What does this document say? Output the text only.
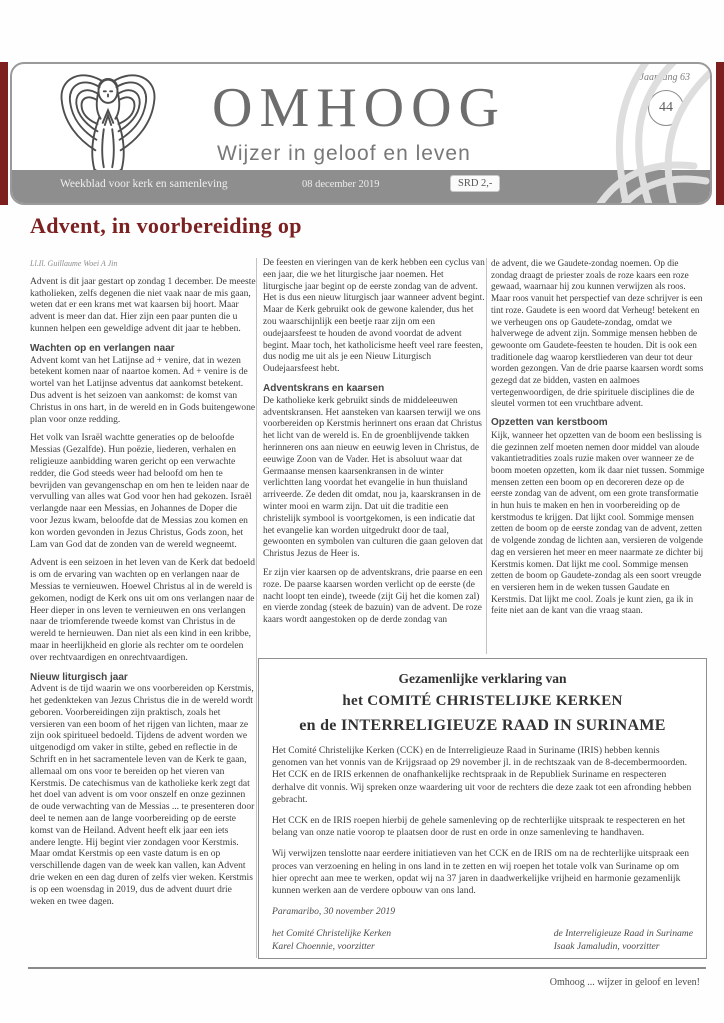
OMHOOG
Wijzer in geloof en leven
Jaargang 63
44
Weekblad voor kerk en samenleving	08 december 2019	SRD 2,-
Advent, in voorbereiding op

Ll.Il. Guillaume Woei A Jin

Advent is dit jaar gestart op zondag 1 december. De meeste katholieken, zelfs degenen die niet vaak naar de mis gaan, weten dat er een krans met wat kaarsen bij hoort. Maar advent is meer dan dat. Hier zijn een paar punten die u kunnen helpen een geweldige advent dit jaar te hebben.

Wachten op en verlangen naar

Advent komt van het Latijnse ad + venire, dat in wezen betekent komen naar of naartoe komen. Ad + venire is de wortel van het Latijnse adventus dat aankomst betekent. Dus advent is het seizoen van aankomst: de komst van Christus in ons hart, in de wereld en in Gods buitengewone plan voor onze redding.

Het volk van Israël wachtte generaties op de beloofde Messias (Gezalfde). Hun poëzie, liederen, verhalen en religieuze aanbidding waren gericht op een verwachte redder, die God steeds weer had beloofd om hen te bevrijden van gevangenschap en om hen te leiden naar de vervulling van alles wat God voor hen had gekozen. Israël verlangde naar een Messias, en Johannes de Doper die voor Jezus kwam, beloofde dat de Messias zou komen en kon worden gevonden in Jezus Christus, Gods zoon, het Lam van God dat de zonden van de wereld wegneemt.

Advent is een seizoen in het leven van de Kerk dat bedoeld is om de ervaring van wachten op en verlangen naar de Messias te vernieuwen. Hoewel Christus al in de wereld is gekomen, nodigt de Kerk ons uit om ons verlangen naar de Heer dieper in ons leven te vernieuwen en ons verlangen naar de triomferende tweede komst van Christus in de wereld te hernieuwen. Dan niet als een kind in een kribbe, maar in heerlijkheid en glorie als rechter om te oordelen over rechtvaardigen en onrechtvaardigen.

Nieuw liturgisch jaar

Advent is de tijd waarin we ons voorbereiden op Kerstmis, het gedenkteken van Jezus Christus die in de wereld wordt geboren. Voorbereidingen zijn praktisch, zoals het versieren van een boom of het rijgen van lichten, maar ze zijn ook spiritueel bedoeld. Tijdens de advent worden we uitgenodigd om vaker in stilte, gebed en reflectie in de Schrift en in het sacramentele leven van de Kerk te gaan, allemaal om ons voor te bereiden op het vieren van Kerstmis. De catechismus van de katholieke kerk zegt dat het doel van advent is om voor onszelf en onze gezinnen de oude verwachting van de Messias ... te presenteren door deel te nemen aan de lange voorbereiding op de eerste komst van de Heiland. Advent heeft elk jaar een iets andere lengte. Hij begint vier zondagen voor Kerstmis. Maar omdat Kerstmis op een vaste datum is en op verschillende dagen van de week kan vallen, kan Advent drie weken en een dag duren of zelfs vier weken. Kerstmis is op een woensdag in 2019, dus de advent duurt drie weken en twee dagen.

De feesten en vieringen van de kerk hebben een cyclus van een jaar, die we het liturgische jaar noemen. Het liturgische jaar begint op de eerste zondag van de advent. Het is dus een nieuw liturgisch jaar wanneer advent begint. Maar de Kerk gebruikt ook de gewone kalender, dus het zou waarschijnlijk een beetje raar zijn om een oudejaarsfeest te houden de avond voordat de advent begint. Maar toch, het katholicisme heeft veel rare feesten, dus nodig me uit als je een Nieuw Liturgisch Oudejaarsfeest hebt.

Adventskrans en kaarsen

De katholieke kerk gebruikt sinds de middeleeuwen adventskransen. Het aansteken van kaarsen terwijl we ons voorbereiden op Kerstmis herinnert ons eraan dat Christus het licht van de wereld is. En de groenblijvende takken herinneren ons aan nieuw en eeuwig leven in Christus, de eeuwige Zoon van de Vader. Het is absoluut waar dat Germaanse mensen kaarsenkransen in de winter verlichtten lang voordat het evangelie in hun thuisland arriveerde. Ze deden dit omdat, nou ja, kaarskransen in de winter mooi en warm zijn. Dat uit die traditie een christelijk symbool is voortgekomen, is een indicatie dat het evangelie kan worden uitgedrukt door de taal, gewoonten en symbolen van culturen die gaan geloven dat Christus Jezus de Heer is.

Er zijn vier kaarsen op de adventskrans, drie paarse en een roze. De paarse kaarsen worden verlicht op de eerste (de nacht loopt ten einde), tweede (zijt Gij het die komen zal) en vierde zondag (steek de bazuin) van de advent. De roze kaars wordt aangestoken op de derde zondag van

de advent, die we Gaudete-zondag noemen. Op die zondag draagt de priester zoals de roze kaars een roze gewaad, waarnaar hij zou kunnen verwijzen als roos. Maar roos vanuit het perspectief van deze schrijver is een tint roze. Gaudete is een woord dat Verheug! betekent en we verheugen ons op Gaudete-zondag, omdat we halverwege de advent zijn. Sommige mensen hebben de gewoonte om Gaudete-feesten te houden. Dit is ook een traditionele dag waarop kerstliederen van deur tot deur worden gezongen. Van de drie paarse kaarsen wordt soms gezegd dat ze bidden, vasten en aalmoes vertegenwoordigen, de drie spirituele disciplines die de sleutel vormen tot een vruchtbare advent.

Opzetten van kerstboom

Kijk, wanneer het opzetten van de boom een beslissing is die gezinnen zelf moeten nemen door middel van aloude vakantietradities zoals ruzie maken over wanneer ze de boom moeten opzetten, kom ik daar niet tussen. Sommige mensen zetten een boom op en decoreren deze op de eerste zondag van de advent, om een grote transformatie in hun huis te maken en hen in voorbereiding op de kerstmodus te krijgen. Dat lijkt cool. Sommige mensen zetten de boom op de eerste zondag van de advent, zetten de volgende zondag de lichten aan, versieren de volgende dag en versieren het meer en meer naarmate ze dichter bij Kerstmis komen. Dat lijkt me cool. Sommige mensen zetten de boom op Gaudete-zondag als een soort vreugde en versieren hem in de weken tussen Gaudate en Kerstmis. Dat lijkt me cool. Zoals je kunt zien, ga ik in feite niet aan de kant van die vraag staan.

Gezamenlijke verklaring van
het COMITÉ CHRISTELIJKE KERKEN
en de INTERRELIGIEUZE RAAD IN SURINAME

Het Comité Christelijke Kerken (CCK) en de Interreligieuze Raad in Suriname (IRIS) hebben kennis genomen van het vonnis van de Krijgsraad op 29 november jl. in de rechtszaak van de 8-decembermoorden. Het CCK en de IRIS erkennen de onafhankelijke rechtspraak in de Republiek Suriname en respecteren derhalve dit vonnis. Wij spreken onze waardering uit voor de rechters die deze zaak tot een afronding hebben gebracht.

Het CCK en de IRIS roepen hierbij de gehele samenleving op de rechterlijke uitspraak te respecteren en het belang van onze natie voorop te plaatsen door de rust en orde in onze samenleving te handhaven.

Wij verwijzen tenslotte naar eerdere initiatieven van het CCK en de IRIS om na de rechterlijke uitspraak een proces van verzoening en heling in ons land in te zetten en wij roepen het totale volk van Suriname op om hier oprecht aan mee te werken, opdat wij na 37 jaren in daadwerkelijke vrijheid en harmonie gezamenlijk kunnen werken aan de verdere opbouw van ons land.

Paramaribo, 30 november 2019
het Comité Christelijke Kerken
Karel Choennie, voorzitter
de Interreligieuze Raad in Suriname
Isaak Jamaludin, voorzitter
Omhoog ... wijzer in geloof en leven!
